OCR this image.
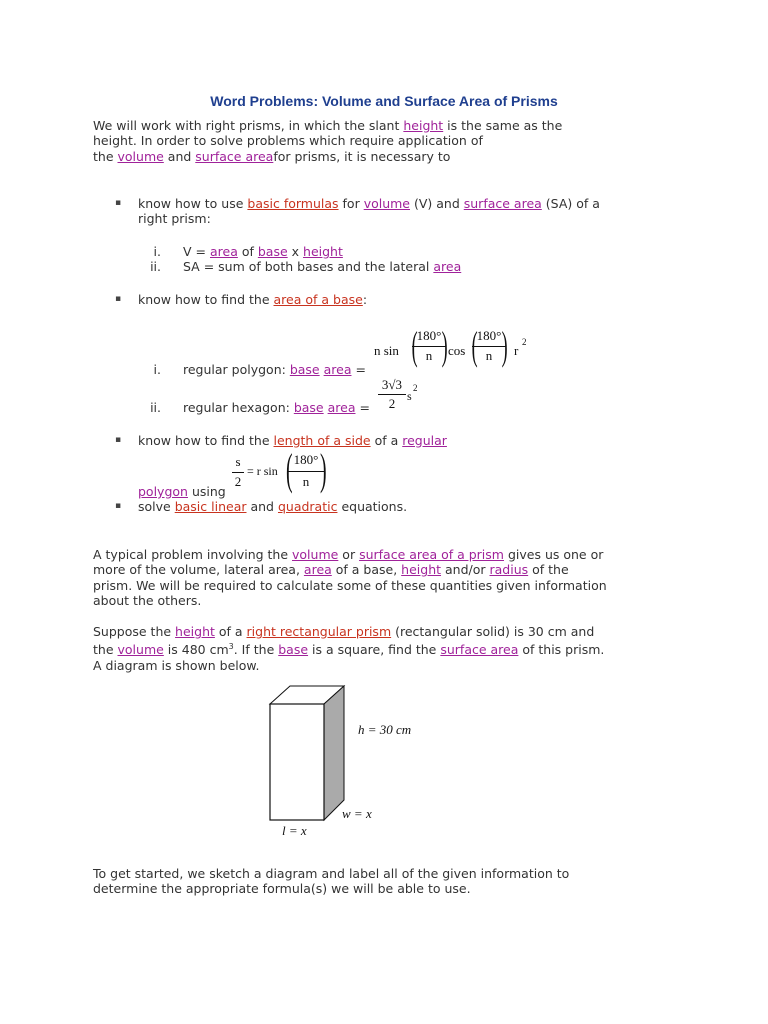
Word Problems: Volume and Surface Area of Prisms
We will work with right prisms, in which the slant height is the same as the
height. In order to solve problems which require application of
the volume and surface areafor prisms, it is necessary to
▪ know how to use basic formulas for volume (V) and surface area (SA) of a
right prism:
i. V = area of base x height
ii. SA = sum of both bases and the lateral area
▪ know how to find the area of a base:
n sin (
$\frac{180^\circ}{n}$
) cos (
$\frac{180^\circ}{n}$
) r
2
i. regular polygon: base area =
$\frac{3√3}{2}$ s
2
ii. regular hexagon: base area =
▪ know how to find the length of a side of a regular
$\frac{s}{2} = r$ sin (
$\frac{180^\circ}{n}$
)
polygon using
▪ solve basic linear and quadratic equations.
A typical problem involving the volume or surface area of a prism gives us one or
more of the volume, lateral area, area of a base, height and/or radius of the
prism. We will be required to calculate some of these quantities given information
about the others.
Suppose the height of a right rectangular prism (rectangular solid) is 30 cm and
the volume is 480 $cm^3$. If the base is a square, find the surface area of this prism.
A diagram is shown below.
h = 30 cm
w = x
l = x
To get started, we sketch a diagram and label all of the given information to
determine the appropriate formula(s) we will be able to use.
